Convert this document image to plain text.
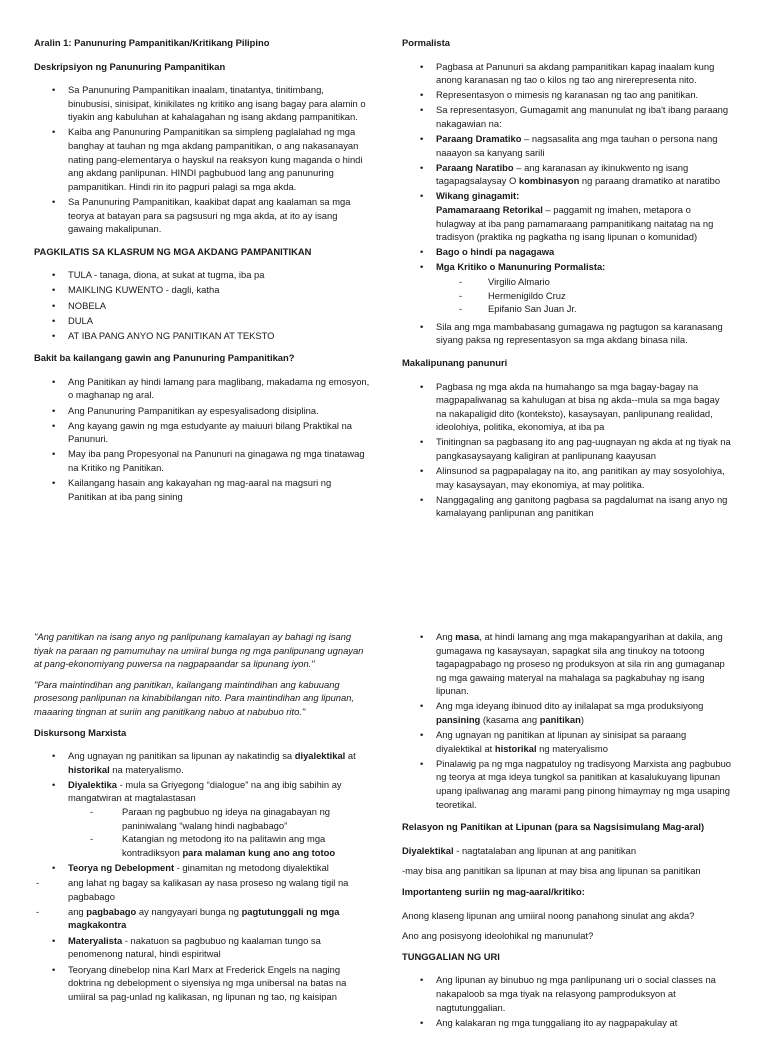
Aralin 1: Panunuring Pampanitikan/Kritikang Pilipino
Deskripsiyon ng Panunuring Pampanitikan
• Sa Panunuring Pampanitikan inaalam, tinatantya, tinitimbang, binubusisi, sinisipat, kinikilates ng kritiko ang isang bagay para alamin o tiyakin ang kabuluhan at kahalagahan ng isang akdang pampanitikan.
• Kaiba ang Panunuring Pampanitikan sa simpleng paglalahad ng mga banghay at tauhan ng mga akdang pampanitikan, o ang nakasanayan nating pang-elementarya o hayskul na reaksyon kung maganda o hindi ang akdang panlipunan. HINDI pagbubuod lang ang panunuring pampanitikan. Hindi rin ito pagpuri palagi sa mga akda.
• Sa Panunuring Pampanitikan, kaakibat dapat ang kaalaman sa mga teorya at batayan para sa pagsusuri ng mga akda, at ito ay isang gawaing makalipunan.
PAGKILATIS SA KLASRUM NG MGA AKDANG PAMPANITIKAN
• TULA - tanaga, diona, at sukat at tugma, iba pa
• MAIKLING KUWENTO - dagli, katha
• NOBELA
• DULA
• AT IBA PANG ANYO NG PANITIKAN AT TEKSTO
Bakit ba kailangang gawin ang Panunuring Pampanitikan?
• Ang Panitikan ay hindi lamang para maglibang, makadama ng emosyon, o maghanap ng aral.
• Ang Panunuring Pampanitikan ay espesyalisadong disiplina.
• Ang kayang gawin ng mga estudyante ay maiuuri bilang Praktikal na Panunuri.
• May iba pang Propesyonal na Panunuri na ginagawa ng mga tinatawag na Kritiko ng Panitikan.
• Kailangang hasain ang kakayahan ng mag-aaral na magsuri ng Panitikan at iba pang sining
Pormalista
• Pagbasa at Panunuri sa akdang pampanitikan kapag inaalam kung anong karanasan ng tao o kilos ng tao ang nirerepresenta nito.
• Representasyon o mimesis ng karanasan ng tao ang panitikan.
• Sa representasyon, Gumagamit ang manunulat ng iba't ibang paraang nakagawian na:
• Paraang Dramatiko – nagsasalita ang mga tauhan o persona nang naaayon sa kanyang sarili
• Paraang Naratibo – ang karanasan ay ikinukwento ng isang tagapagsalaysay O kombinasyon ng paraang dramatiko at naratibo
• Wikang ginagamit:
Pamamaraang Retorikal – paggamit ng imahen, metapora o hulagway at iba pang pamamaraang pampanitikang naitatag na ng tradisyon (praktika ng pagkatha ng isang lipunan o komunidad)
• Bago o hindi pa nagagawa
• Mga Kritiko o Manunuring Pormalista:
- Virgilio Almario
- Hermenigildo Cruz
- Epifanio San Juan Jr.
• Sila ang mga mambabasang gumagawa ng pagtugon sa karanasang siyang paksa ng representasyon sa mga akdang binasa nila.
Makalipunang panunuri
• Pagbasa ng mga akda na humahango sa mga bagay-bagay na magpapaliwanag sa kahulugan at bisa ng akda--mula sa mga bagay na nakapaligid dito (konteksto), kasaysayan, panlipunang realidad, ideolohiya, politika, ekonomiya, at iba pa
• Tinitingnan sa pagbasang ito ang pag-uugnayan ng akda at ng tiyak na pangkasaysayang kaligiran at panlipunang kaayusan
• Alinsunod sa pagpapalagay na ito, ang panitikan ay may sosyolohiya, may kasaysayan, may ekonomiya, at may politika.
• Nanggagaling ang ganitong pagbasa sa pagdalumat na isang anyo ng kamalayang panlipunan ang panitikan

"Ang panitikan na isang anyo ng panlipunang kamalayan ay bahagi ng isang tiyak na paraan ng pamumuhay na umiiral bunga ng mga panlipunang ugnayan at pang-ekonomiyang puwersa na nagpapaandar sa lipunang iyon."

"Para maintindihan ang panitikan, kailangang maintindihan ang kabuuang prosesong panlipunan na kinabibilangan nito. Para maintindihan ang lipunan, maaaring tingnan at suriin ang panitikang nabuo at nabubuo rito."

Diskursong Marxista
• Ang ugnayan ng panitikan sa lipunan ay nakatindig sa diyalektikal at historikal na materyalismo.
• Diyalektika - mula sa Griyegong “dialogue” na ang ibig sabihin ay mangatwiran at magtalastasan
- Paraan ng pagbubuo ng ideya na ginagabayan ng paniniwalang “walang hindi nagbabago”
- Katangian ng metodong ito na palitawin ang mga kontradiksyon para malaman kung ano ang totoo
• Teorya ng Debelopment - ginamitan ng metodong diyalektikal
- ang lahat ng bagay sa kalikasan ay nasa proseso ng walang tigil na pagbabago
- ang pagbabago ay nangyayari bunga ng pagtutunggali ng mga magkakontra
• Materyalista - nakatuon sa pagbubuo ng kaalaman tungo sa penomenong natural, hindi espiritwal
• Teoryang dinebelop nina Karl Marx at Frederick Engels na naging doktrina ng debelopment o siyensiya ng mga unibersal na batas na umiiral sa pag-unlad ng kalikasan, ng lipunan ng tao, ng kaisipan
• Ang masa, at hindi lamang ang mga makapangyarihan at dakila, ang gumagawa ng kasaysayan, sapagkat sila ang tinukoy na totoong tagapagpabago ng proseso ng produksyon at sila rin ang gumaganap ng mga gawaing materyal na mahalaga sa pagkabuhay ng isang lipunan.
• Ang mga ideyang ibinuod dito ay inilalapat sa mga produksiyong pansining (kasama ang panitikan)
• Ang ugnayan ng panitikan at lipunan ay sinisipat sa paraang diyalektikal at historikal ng materyalismo
• Pinalawig pa ng mga nagpatuloy ng tradisyong Marxista ang pagbubuo ng teorya at mga ideya tungkol sa panitikan at kasalukuyang lipunan upang ipaliwanag ang marami pang pinong himaymay ng mga usaping teoretikal.
Relasyon ng Panitikan at Lipunan (para sa Nagsisimulang Mag-aral)

Diyalektikal - nagtatalaban ang lipunan at ang panitikan

-may bisa ang panitikan sa lipunan at may bisa ang lipunan sa panitikan

Importanteng suriin ng mag-aaral/kritiko:

Anong klaseng lipunan ang umiiral noong panahong sinulat ang akda?

Ano ang posisyong ideolohikal ng manunulat?

TUNGGALIAN NG URI
• Ang lipunan ay binubuo ng mga panlipunang uri o social classes na nakapaloob sa mga tiyak na relasyong pamproduksyon at nagtutunggalian.
• Ang kalakaran ng mga tunggaliang ito ay nagpapakulay at
